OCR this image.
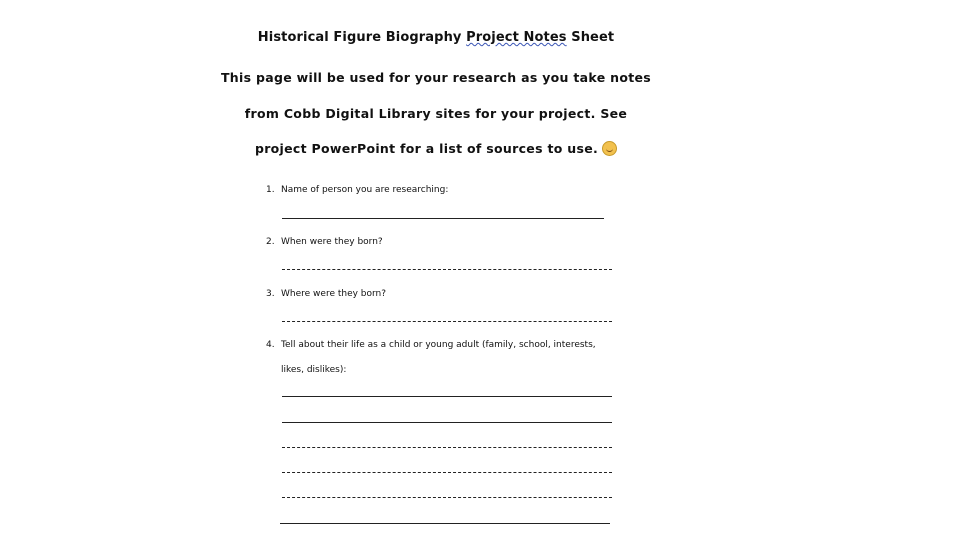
Historical Figure Biography Project Notes Sheet
This page will be used for your research as you take notes
from Cobb Digital Library sites for your project. See
project PowerPoint for a list of sources to use.
1. Name of person you are researching:
2. When were they born?
3. Where were they born?
4. Tell about their life as a child or young adult (family, school, interests,
likes, dislikes):
